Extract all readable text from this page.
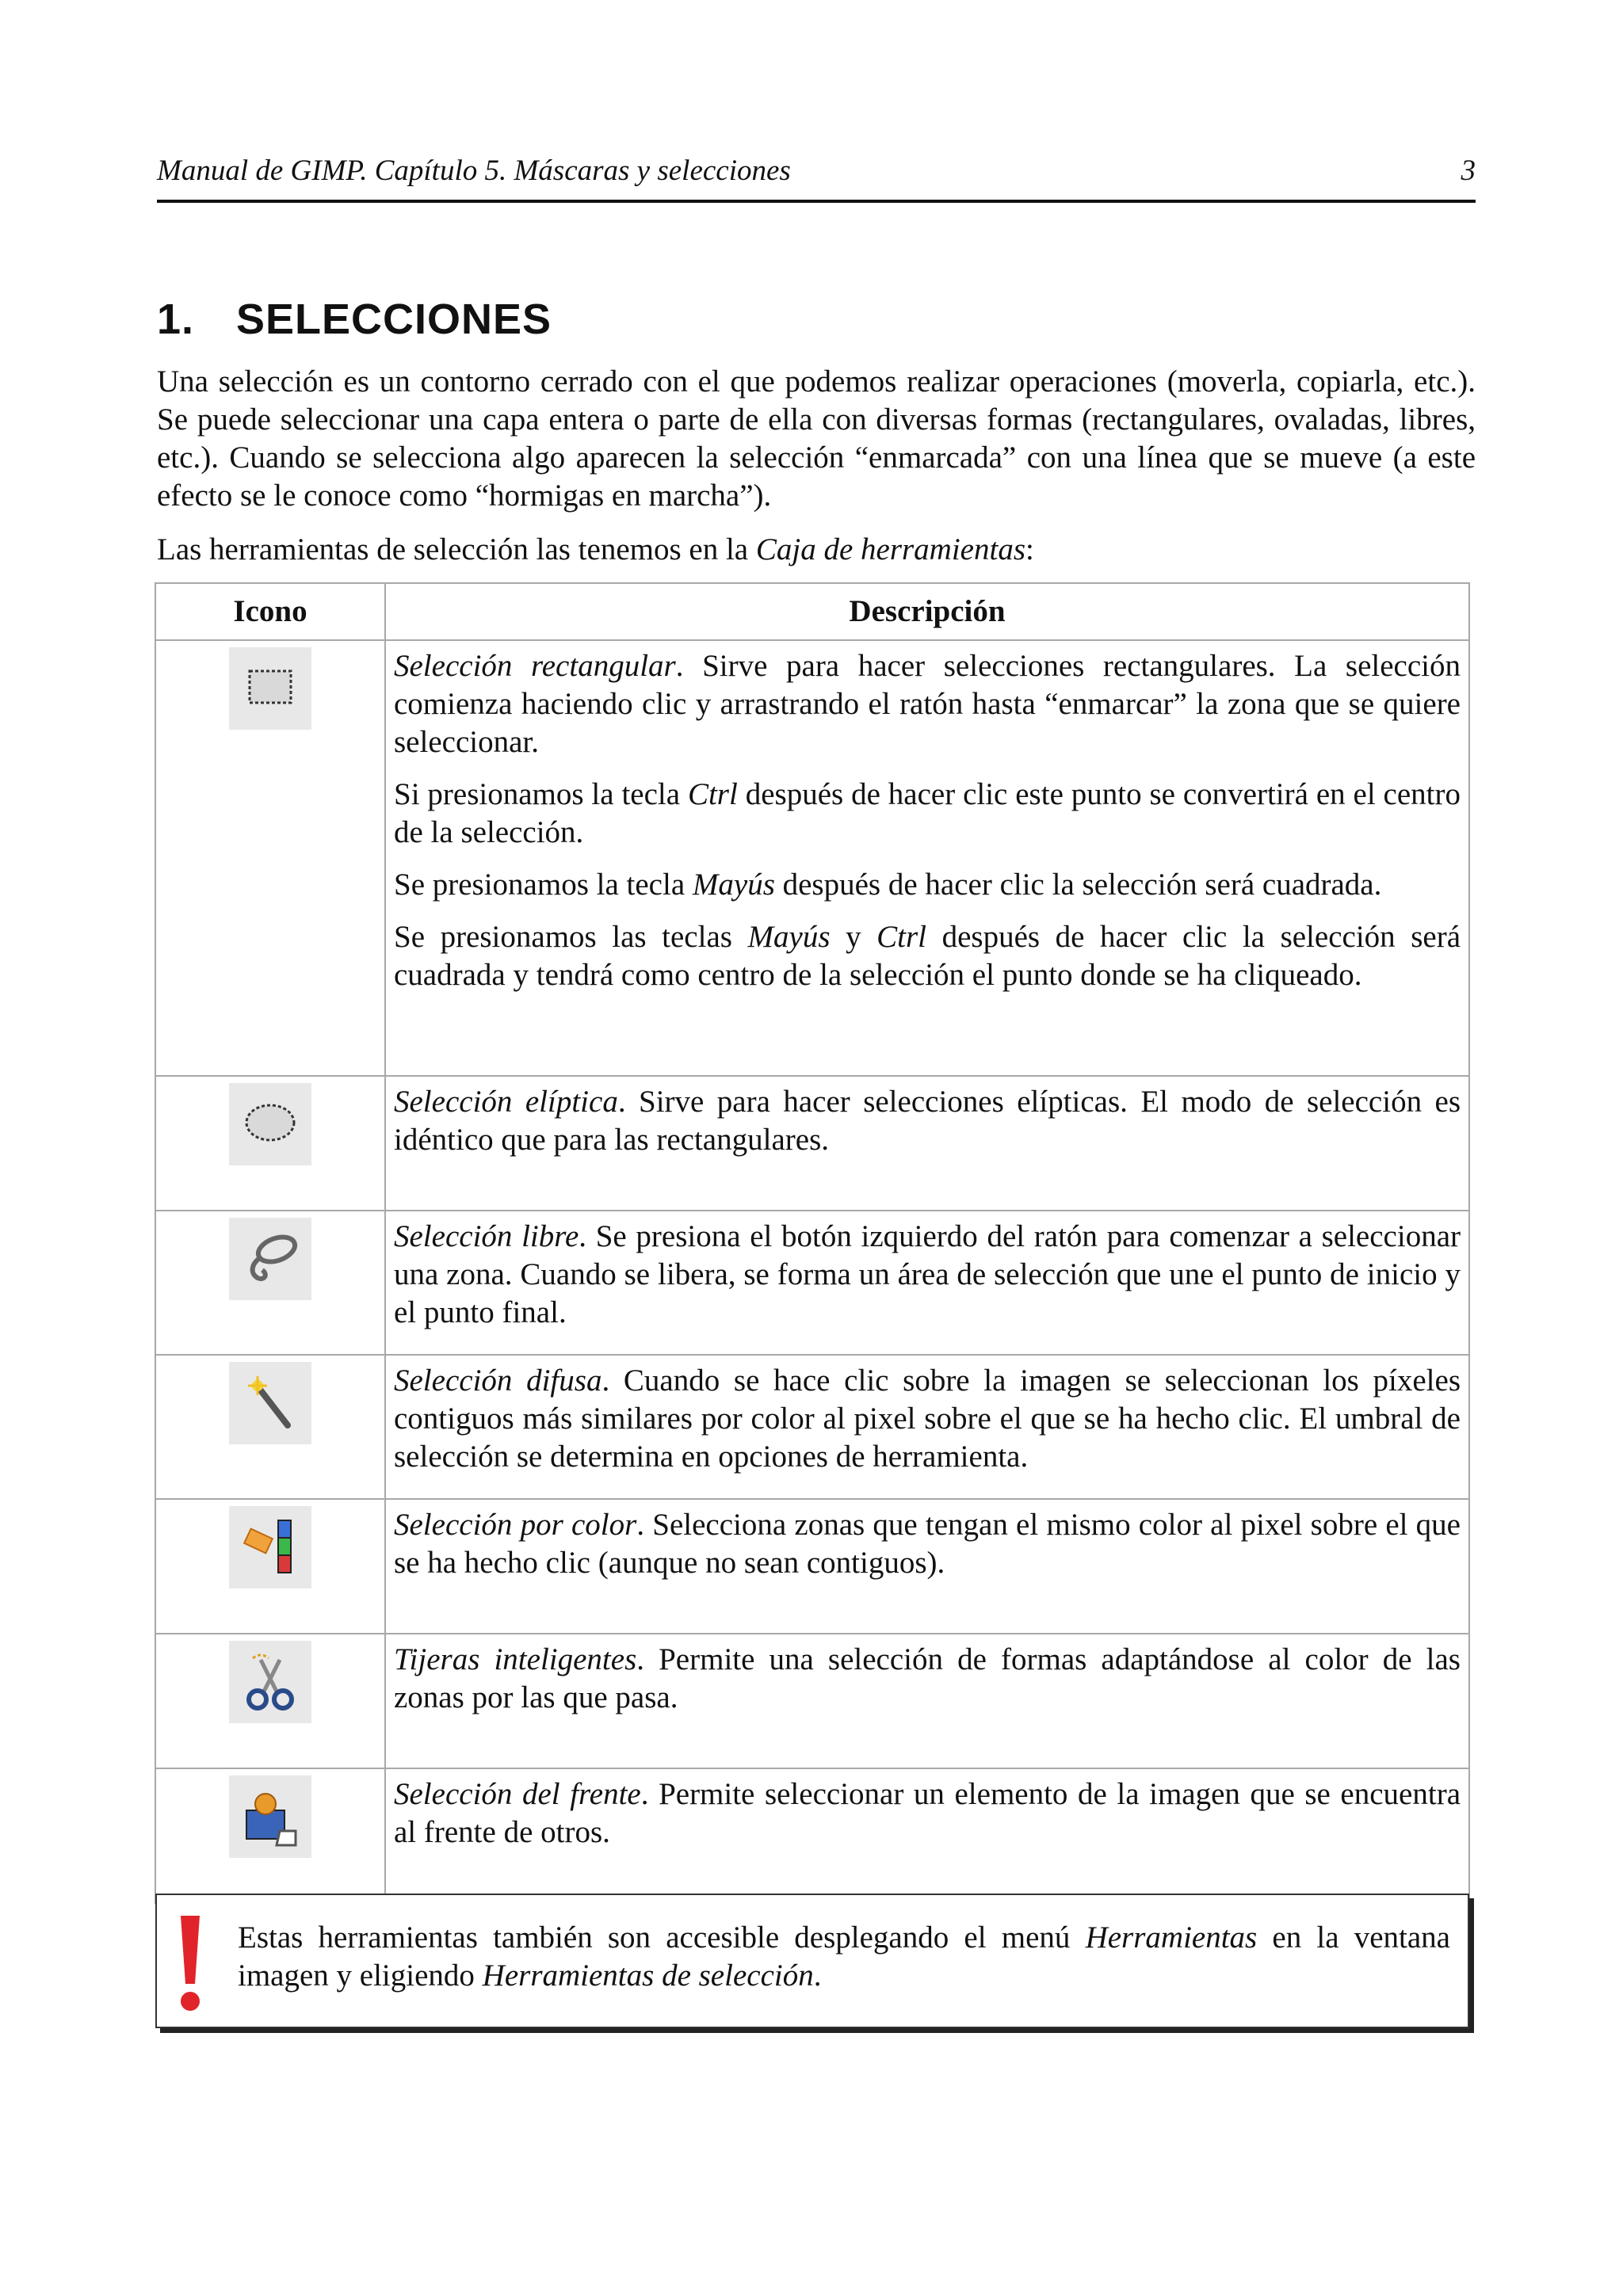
Manual de GIMP. Capítulo 5. Máscaras y selecciones	3
1. SELECCIONES
Una selección es un contorno cerrado con el que podemos realizar operaciones (moverla, copiarla, etc.). Se puede seleccionar una capa entera o parte de ella con diversas formas (rectangulares, ovaladas, libres, etc.). Cuando se selecciona algo aparecen la selección “enmarcada” con una línea que se mueve (a este efecto se le conoce como “hormigas en marcha”).
Las herramientas de selección las tenemos en la Caja de herramientas:
Icono	Descripción

Selección rectangular. Sirve para hacer selecciones rectangulares. La selección comienza haciendo clic y arrastrando el ratón hasta “enmarcar” la zona que se quiere seleccionar.

Si presionamos la tecla Ctrl después de hacer clic este punto se convertirá en el centro de la selección.

Se presionamos la tecla Mayús después de hacer clic la selección será cuadrada.

Se presionamos las teclas Mayús y Ctrl después de hacer clic la selección será cuadrada y tendrá como centro de la selección el punto donde se ha cliqueado.

Selección elíptica. Sirve para hacer selecciones elípticas. El modo de selección es idéntico que para las rectangulares.

Selección libre. Se presiona el botón izquierdo del ratón para comenzar a seleccionar una zona. Cuando se libera, se forma un área de selección que une el punto de inicio y el punto final.

Selección difusa. Cuando se hace clic sobre la imagen se seleccionan los píxeles contiguos más similares por color al pixel sobre el que se ha hecho clic. El umbral de selección se determina en opciones de herramienta.

Selección por color. Selecciona zonas que tengan el mismo color al pixel sobre el que se ha hecho clic (aunque no sean contiguos).

Tijeras inteligentes. Permite una selección de formas adaptándose al color de las zonas por las que pasa.

Selección del frente. Permite seleccionar un elemento de la imagen que se encuentra al frente de otros.

Estas herramientas también son accesible desplegando el menú Herramientas en la ventana imagen y eligiendo Herramientas de selección.
